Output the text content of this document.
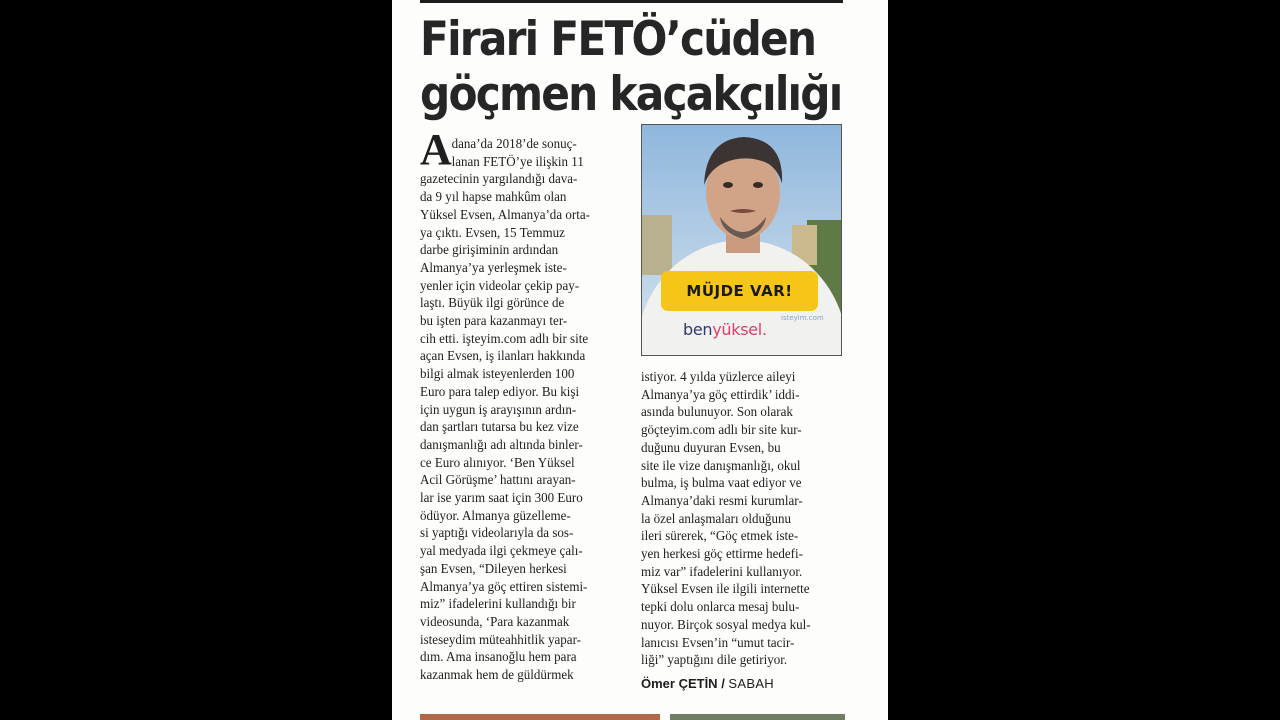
Firari FETÖ’cüden
göçmen kaçakçılığı
A dana’da 2018’de sonuç-
lanan FETÖ’ye ilişkin 11
gazetecinin yargılandığı dava-
da 9 yıl hapse mahkûm olan
Yüksel Evsen, Almanya’da orta-
ya çıktı. Evsen, 15 Temmuz
darbe girişiminin ardından
Almanya’ya yerleşmek iste-
yenler için videolar çekip pay-
laştı. Büyük ilgi görünce de
bu işten para kazanmayı ter-
cih etti. işteyim.com adlı bir site
açan Evsen, iş ilanları hakkında
bilgi almak isteyenlerden 100
Euro para talep ediyor. Bu kişi
için uygun iş arayışının ardın-
dan şartları tutarsa bu kez vize
danışmanlığı adı altında binler-
ce Euro alınıyor. ‘Ben Yüksel
Acil Görüşme’ hattını arayan-
lar ise yarım saat için 300 Euro
ödüyor. Almanya güzelleme-
si yaptığı videolarıyla da sos-
yal medyada ilgi çekmeye çalı-
şan Evsen, “Dileyen herkesi
Almanya’ya göç ettiren sistemi-
miz” ifadelerini kullandığı bir
videosunda, ‘Para kazanmak
isteseydim müteahhitlik yapar-
dım. Ama insanoğlu hem para
kazanmak hem de güldürmek
MÜJDE VAR!
isteyim.com
benyüksel.
istiyor. 4 yılda yüzlerce aileyi
Almanya’ya göç ettirdik’ iddi-
asında bulunuyor. Son olarak
göçteyim.com adlı bir site kur-
duğunu duyuran Evsen, bu
site ile vize danışmanlığı, okul
bulma, iş bulma vaat ediyor ve
Almanya’daki resmi kurumlar-
la özel anlaşmaları olduğunu
ileri sürerek, “Göç etmek iste-
yen herkesi göç ettirme hedefi-
miz var” ifadelerini kullanıyor.
Yüksel Evsen ile ilgili internette
tepki dolu onlarca mesaj bulu-
nuyor. Birçok sosyal medya kul-
lanıcısı Evsen’in “umut tacir-
liği” yaptığını dile getiriyor.
Ömer ÇETİN / SABAH
